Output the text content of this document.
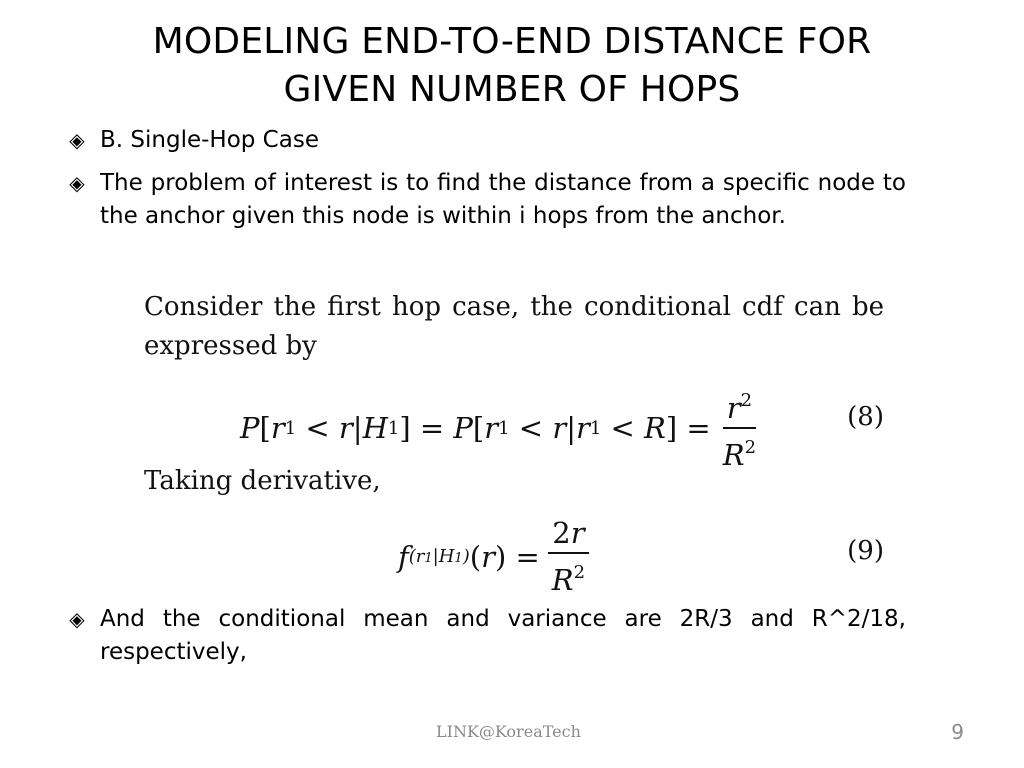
MODELING END-TO-END DISTANCE FOR
GIVEN NUMBER OF HOPS
◈ B. Single-Hop Case
◈ The problem of interest is to find the distance from a specific node to the anchor given this node is within i hops from the anchor.
Consider the first hop case, the conditional cdf can be expressed by
P [ r 1 < r | H 1 ] = P [ r 1 < r | r 1 < R ] = $\frac{r^2}{R^2}$	(8)
Taking derivative,
f (r1|H1) ( r ) = $\frac{2r}{R^2}$	(9)
◈ And the conditional mean and variance are 2R/3 and R^2/18, respectively,
LINK@KoreaTech	9
